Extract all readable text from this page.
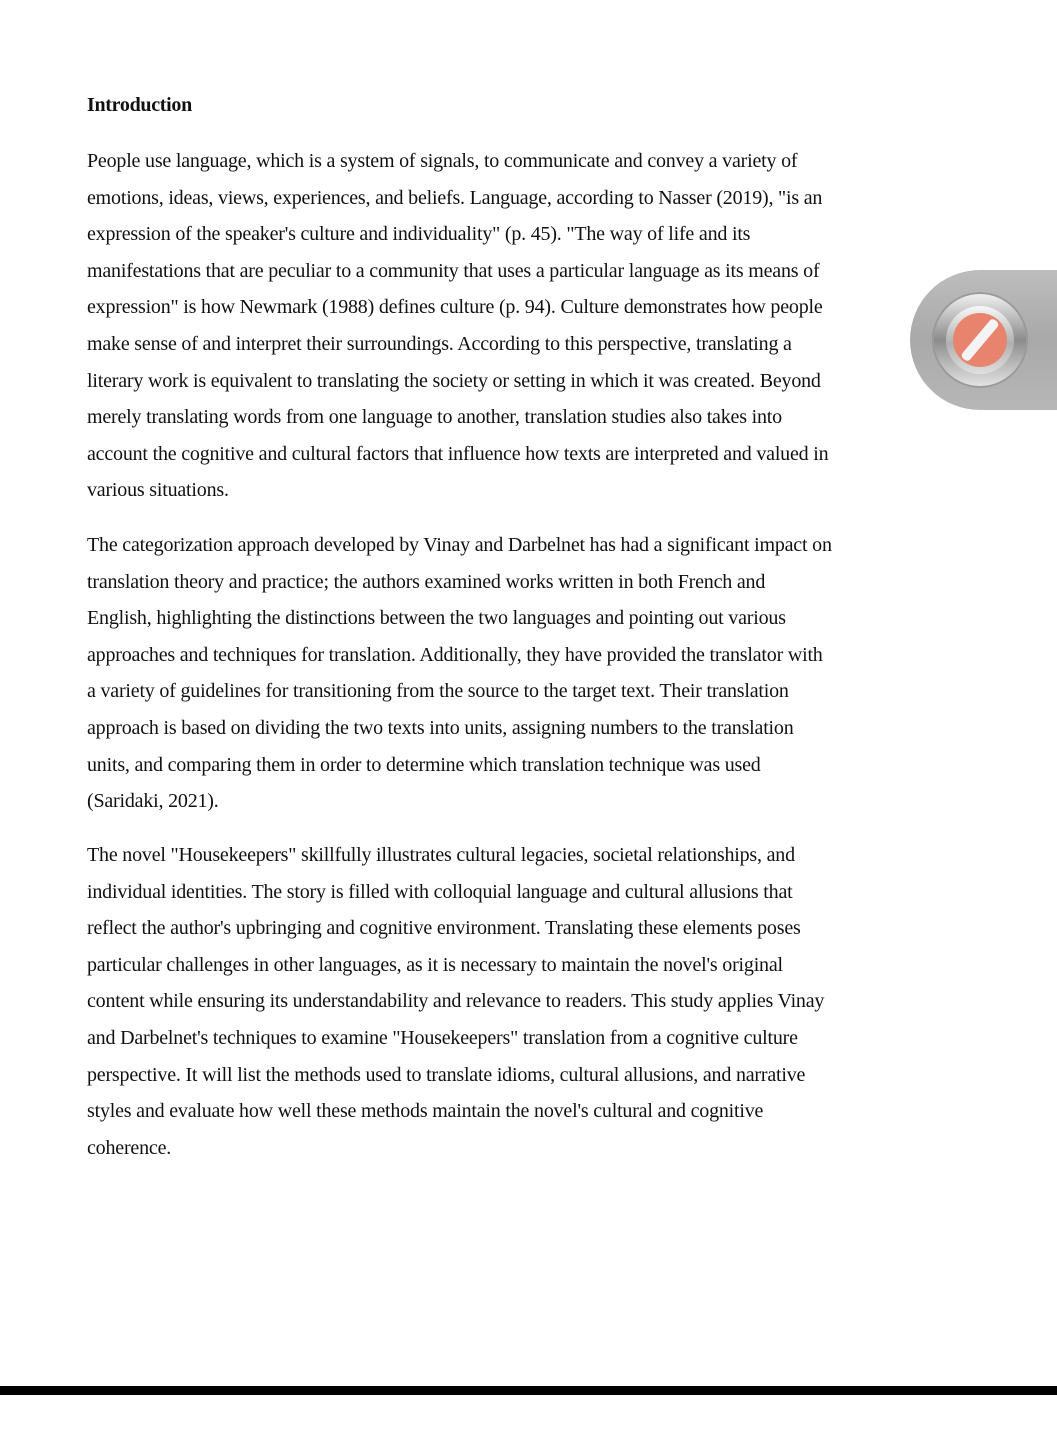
Introduction

People use language, which is a system of signals, to communicate and convey a variety of
emotions, ideas, views, experiences, and beliefs. Language, according to Nasser (2019), "is an
expression of the speaker's culture and individuality" (p. 45). "The way of life and its
manifestations that are peculiar to a community that uses a particular language as its means of
expression" is how Newmark (1988) defines culture (p. 94). Culture demonstrates how people
make sense of and interpret their surroundings. According to this perspective, translating a
literary work is equivalent to translating the society or setting in which it was created. Beyond
merely translating words from one language to another, translation studies also takes into
account the cognitive and cultural factors that influence how texts are interpreted and valued in
various situations.

The categorization approach developed by Vinay and Darbelnet has had a significant impact on
translation theory and practice; the authors examined works written in both French and
English, highlighting the distinctions between the two languages and pointing out various
approaches and techniques for translation. Additionally, they have provided the translator with
a variety of guidelines for transitioning from the source to the target text. Their translation
approach is based on dividing the two texts into units, assigning numbers to the translation
units, and comparing them in order to determine which translation technique was used
(Saridaki, 2021).

The novel "Housekeepers" skillfully illustrates cultural legacies, societal relationships, and
individual identities. The story is filled with colloquial language and cultural allusions that
reflect the author's upbringing and cognitive environment. Translating these elements poses
particular challenges in other languages, as it is necessary to maintain the novel's original
content while ensuring its understandability and relevance to readers. This study applies Vinay
and Darbelnet's techniques to examine "Housekeepers" translation from a cognitive culture
perspective. It will list the methods used to translate idioms, cultural allusions, and narrative
styles and evaluate how well these methods maintain the novel's cultural and cognitive
coherence.
